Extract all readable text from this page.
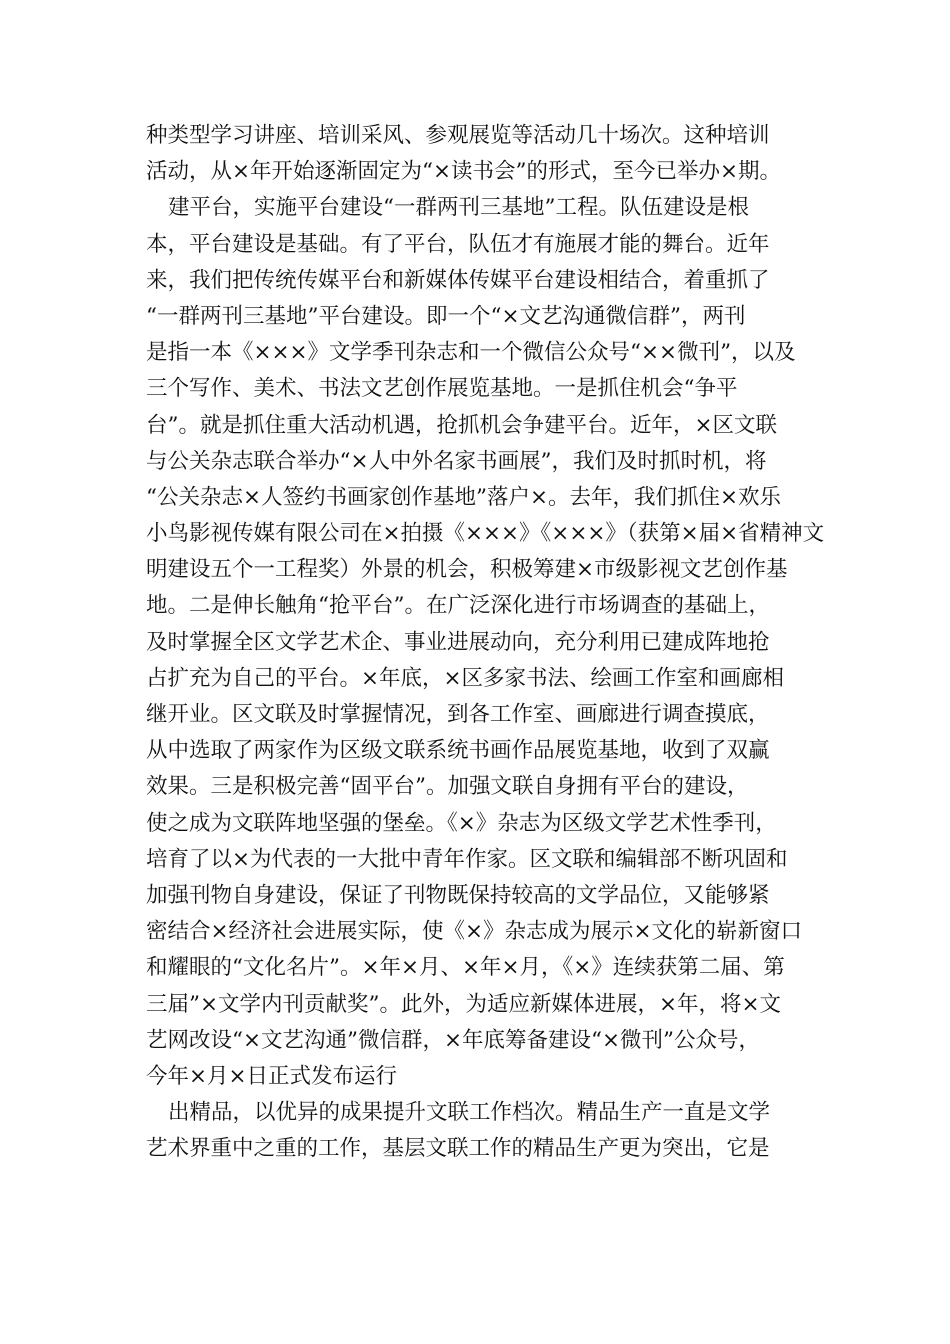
种类型学习讲座、培训采风、参观展览等活动几十场次。这种培训
活动，从×年开始逐渐固定为“×读书会”的形式，至今已举办×期。
建平台，实施平台建设“一群两刊三基地”工程。队伍建设是根
本，平台建设是基础。有了平台，队伍才有施展才能的舞台。近年
来，我们把传统传媒平台和新媒体传媒平台建设相结合，着重抓了
“一群两刊三基地”平台建设。即一个“×文艺沟通微信群”，两刊
是指一本《×××》文学季刊杂志和一个微信公众号“××微刊”，以及
三个写作、美术、书法文艺创作展览基地。一是抓住机会“争平
台”。就是抓住重大活动机遇，抢抓机会争建平台。近年，×区文联
与公关杂志联合举办“×人中外名家书画展”，我们及时抓时机，将
“公关杂志×人签约书画家创作基地”落户×。去年，我们抓住×欢乐
小鸟影视传媒有限公司在×拍摄《×××》《×××》（获第×届×省精神文
明建设五个一工程奖）外景的机会，积极筹建×市级影视文艺创作基
地。二是伸长触角“抢平台”。在广泛深化进行市场调查的基础上，
及时掌握全区文学艺术企、事业进展动向，充分利用已建成阵地抢
占扩充为自己的平台。×年底，×区多家书法、绘画工作室和画廊相
继开业。区文联及时掌握情况，到各工作室、画廊进行调查摸底，
从中选取了两家作为区级文联系统书画作品展览基地，收到了双赢
效果。三是积极完善“固平台”。加强文联自身拥有平台的建设，
使之成为文联阵地坚强的堡垒。《×》杂志为区级文学艺术性季刊，
培育了以×为代表的一大批中青年作家。区文联和编辑部不断巩固和
加强刊物自身建设，保证了刊物既保持较高的文学品位，又能够紧
密结合×经济社会进展实际，使《×》杂志成为展示×文化的崭新窗口
和耀眼的“文化名片”。×年×月、×年×月，《×》连续获第二届、第
三届”×文学内刊贡献奖”。此外，为适应新媒体进展，×年，将×文
艺网改设“×文艺沟通”微信群，×年底筹备建设“×微刊”公众号，
今年×月×日正式发布运行
出精品，以优异的成果提升文联工作档次。精品生产一直是文学
艺术界重中之重的工作，基层文联工作的精品生产更为突出，它是
